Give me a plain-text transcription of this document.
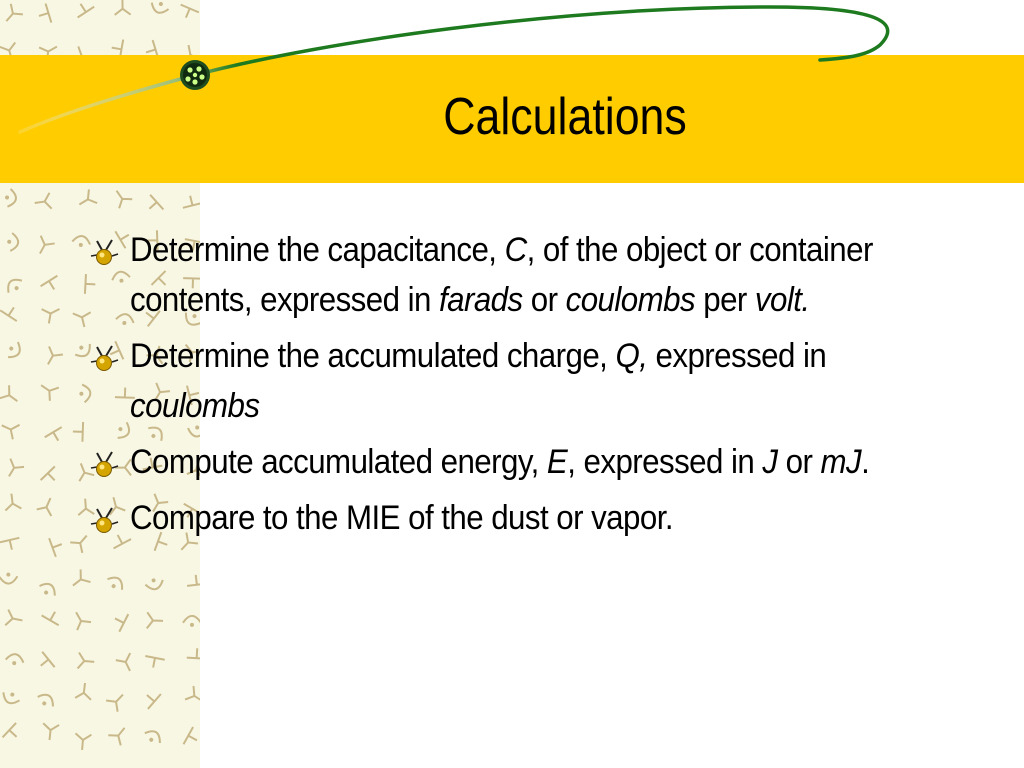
Calculations
Determine the capacitance, C, of the object or container contents, expressed in farads or coulombs per volt.
Determine the accumulated charge, Q, expressed in coulombs
Compute accumulated energy, E, expressed in J or mJ.
Compare to the MIE of the dust or vapor.
